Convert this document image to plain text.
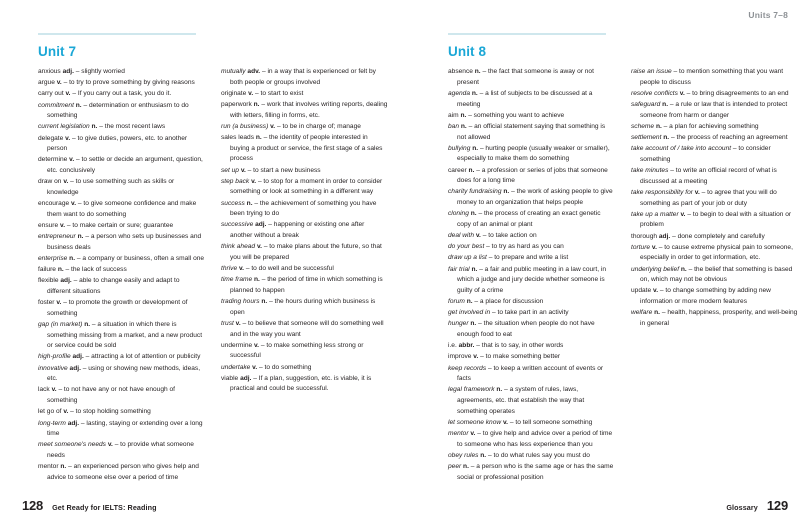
Units 7–8
Unit 7

anxious adj. – slightly worried

argue v. – to try to prove something by giving reasons

carry out v. – If you carry out a task, you do it.

commitment n. – determination or enthusiasm to do something

current legislation n. – the most recent laws

delegate v. – to give duties, powers, etc. to another person

determine v. – to settle or decide an argument, question, etc. conclusively

draw on v. – to use something such as skills or knowledge

encourage v. – to give someone confidence and make them want to do something

ensure v. – to make certain or sure; guarantee

entrepreneur n. – a person who sets up businesses and business deals

enterprise n. – a company or business, often a small one

failure n. – the lack of success

flexible adj. – able to change easily and adapt to different situations

foster v. – to promote the growth or development of something

gap (in market) n. – a situation in which there is something missing from a market, and a new product or service could be sold

high-profile adj. – attracting a lot of attention or publicity

innovative adj. – using or showing new methods, ideas, etc.

lack v. – to not have any or not have enough of something

let go of v. – to stop holding something

long-term adj. – lasting, staying or extending over a long time

meet someone's needs v. – to provide what someone needs

mentor n. – an experienced person who gives help and advice to someone else over a period of time

mutually adv. – in a way that is experienced or felt by both people or groups involved

originate v. – to start to exist

paperwork n. – work that involves writing reports, dealing with letters, filling in forms, etc.

run (a business) v. – to be in charge of; manage

sales leads n. – the identity of people interested in buying a product or service, the first stage of a sales process

set up v. – to start a new business

step back v. – to stop for a moment in order to consider something or look at something in a different way

success n. – the achievement of something you have been trying to do

successive adj. – happening or existing one after another without a break

think ahead v. – to make plans about the future, so that you will be prepared

thrive v. – to do well and be successful

time frame n. – the period of time in which something is planned to happen

trading hours n. – the hours during which business is open

trust v. – to believe that someone will do something well and in the way you want

undermine v. – to make something less strong or successful

undertake v. – to do something

viable adj. – If a plan, suggestion, etc. is viable, it is practical and could be successful.

Unit 8

absence n. – the fact that someone is away or not present

agenda n. – a list of subjects to be discussed at a meeting

aim n. – something you want to achieve

ban n. – an official statement saying that something is not allowed

bullying n. – hurting people (usually weaker or smaller), especially to make them do something

career n. – a profession or series of jobs that someone does for a long time

charity fundraising n. – the work of asking people to give money to an organization that helps people

cloning n. – the process of creating an exact genetic copy of an animal or plant

deal with v. – to take action on

do your best – to try as hard as you can

draw up a list – to prepare and write a list

fair trial n. – a fair and public meeting in a law court, in which a judge and jury decide whether someone is guilty of a crime

forum n. – a place for discussion

get involved in – to take part in an activity

hunger n. – the situation when people do not have enough food to eat

i.e. abbr. – that is to say, in other words

improve v. – to make something better

keep records – to keep a written account of events or facts

legal framework n. – a system of rules, laws, agreements, etc. that establish the way that something operates

let someone know v. – to tell someone something

mentor v. – to give help and advice over a period of time to someone who has less experience than you

obey rules n. – to do what rules say you must do

peer n. – a person who is the same age or has the same social or professional position

raise an issue – to mention something that you want people to discuss

resolve conflicts v. – to bring disagreements to an end

safeguard n. – a rule or law that is intended to protect someone from harm or danger

scheme n. – a plan for achieving something

settlement n. – the process of reaching an agreement

take account of / take into account – to consider something

take minutes – to write an official record of what is discussed at a meeting

take responsibility for v. – to agree that you will do something as part of your job or duty

take up a matter v. – to begin to deal with a situation or problem

thorough adj. – done completely and carefully

torture v. – to cause extreme physical pain to someone, especially in order to get information, etc.

underlying belief n. – the belief that something is based on, which may not be obvious

update v. – to change something by adding new information or more modern features

welfare n. – health, happiness, prosperity, and well-being in general

128 Get Ready for IELTS: Reading	Glossary 129
